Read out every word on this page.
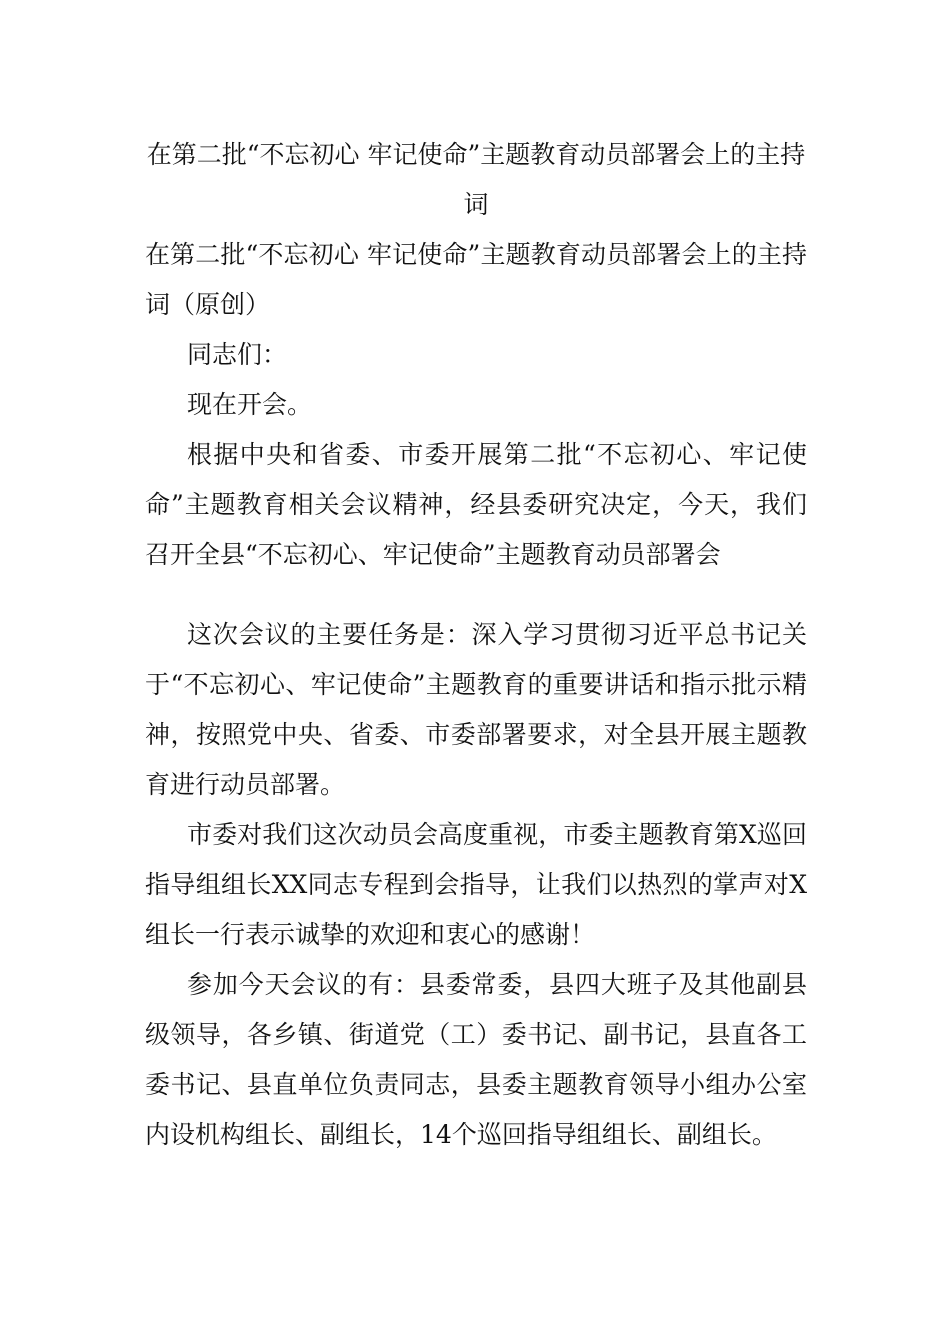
在第二批“不忘初心 牢记使命”主题教育动员部署会上的主持词
在第二批“不忘初心 牢记使命”主题教育动员部署会上的主持词（原创）

同志们：

现在开会。

根据中央和省委、市委开展第二批“不忘初心、牢记使命”主题教育相关会议精神，经县委研究决定，今天，我们召开全县“不忘初心、牢记使命”主题教育动员部署会

这次会议的主要任务是：深入学习贯彻习近平总书记关于“不忘初心、牢记使命”主题教育的重要讲话和指示批示精神，按照党中央、省委、市委部署要求，对全县开展主题教育进行动员部署。

市委对我们这次动员会高度重视，市委主题教育第X巡回指导组组长XX同志专程到会指导，让我们以热烈的掌声对X组长一行表示诚挚的欢迎和衷心的感谢！

参加今天会议的有：县委常委，县四大班子及其他副县级领导，各乡镇、街道党（工）委书记、副书记，县直各工委书记、县直单位负责同志，县委主题教育领导小组办公室内设机构组长、副组长，14个巡回指导组组长、副组长。
